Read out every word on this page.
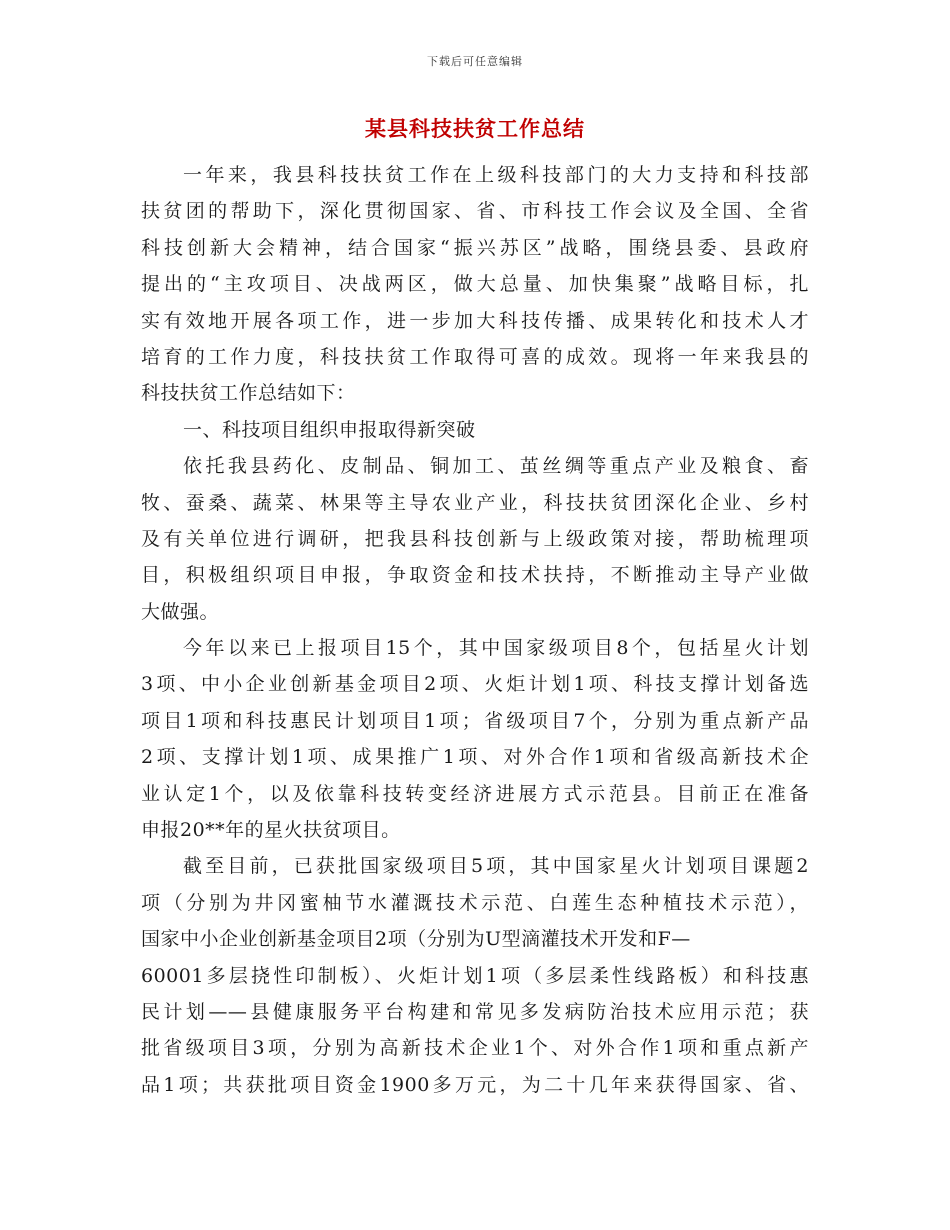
下载后可任意编辑
某县科技扶贫工作总结
一年来，我县科技扶贫工作在上级科技部门的大力支持和科技部
扶贫团的帮助下，深化贯彻国家、省、市科技工作会议及全国、全省
科技创新大会精神，结合国家“振兴苏区”战略，围绕县委、县政府
提出的“主攻项目、决战两区，做大总量、加快集聚”战略目标，扎
实有效地开展各项工作，进一步加大科技传播、成果转化和技术人才
培育的工作力度，科技扶贫工作取得可喜的成效。现将一年来我县的
科技扶贫工作总结如下：
一、科技项目组织申报取得新突破
依托我县药化、皮制品、铜加工、茧丝绸等重点产业及粮食、畜
牧、蚕桑、蔬菜、林果等主导农业产业，科技扶贫团深化企业、乡村
及有关单位进行调研，把我县科技创新与上级政策对接，帮助梳理项
目，积极组织项目申报，争取资金和技术扶持，不断推动主导产业做
大做强。
今年以来已上报项目15个，其中国家级项目8个，包括星火计划
3项、中小企业创新基金项目2项、火炬计划1项、科技支撑计划备选
项目1项和科技惠民计划项目1项；省级项目7个，分别为重点新产品
2项、支撑计划1项、成果推广1项、对外合作1项和省级高新技术企
业认定1个，以及依靠科技转变经济进展方式示范县。目前正在准备
申报20**年的星火扶贫项目。
截至目前，已获批国家级项目5项，其中国家星火计划项目课题2
项（分别为井冈蜜柚节水灌溉技术示范、白莲生态种植技术示范），
国家中小企业创新基金项目2项（分别为U型滴灌技术开发和F—
60001多层挠性印制板）、火炬计划1项（多层柔性线路板）和科技惠
民计划——县健康服务平台构建和常见多发病防治技术应用示范；获
批省级项目3项，分别为高新技术企业1个、对外合作1项和重点新产
品1项；共获批项目资金1900多万元，为二十几年来获得国家、省、
